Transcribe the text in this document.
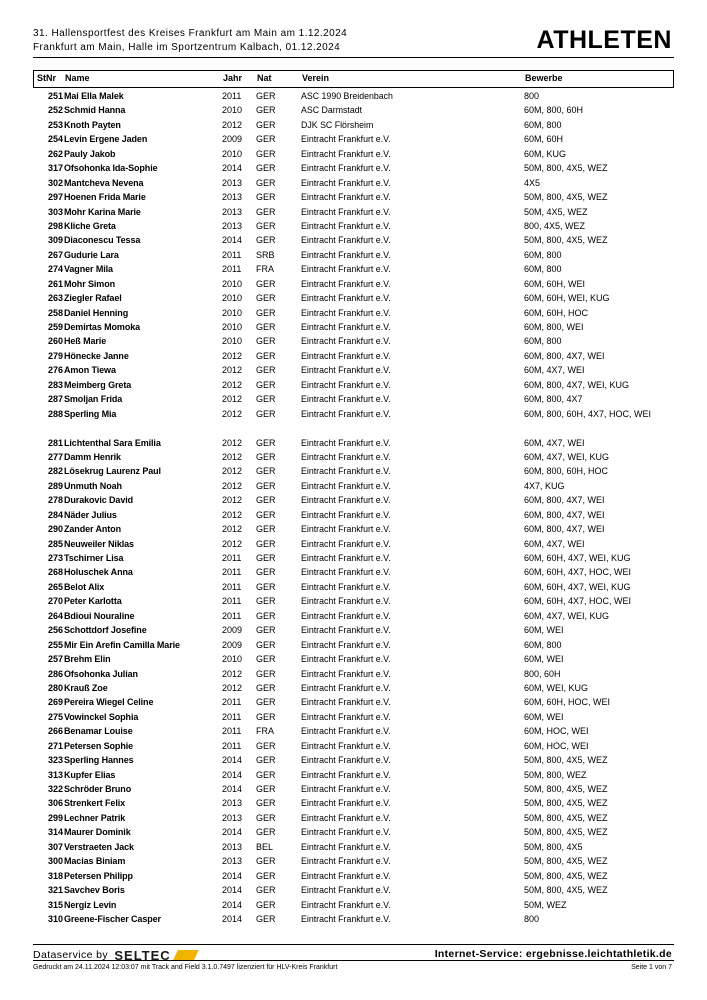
31. Hallensportfest des Kreises Frankfurt am Main am 1.12.2024
Frankfurt am Main, Halle im Sportzentrum Kalbach, 01.12.2024	ATHLETEN
StNr Name	Jahr Nat	Verein	Bewerbe
251 Mai Ella Malek	2011 GER	ASC 1990 Breidenbach	800
252 Schmid Hanna	2010 GER	ASC Darmstadt	60M, 800, 60H
253 Knoth Payten	2012 GER	DJK SC Flörsheim	60M, 800
254 Levin Ergene Jaden	2009 GER	Eintracht Frankfurt e.V.	60M, 60H
262 Pauly Jakob	2010 GER	Eintracht Frankfurt e.V.	60M, KUG
317 Ofsohonka Ida-Sophie	2014 GER	Eintracht Frankfurt e.V.	50M, 800, 4X5, WEZ
302 Mantcheva Nevena	2013 GER	Eintracht Frankfurt e.V.	4X5
297 Hoenen Frida Marie	2013 GER	Eintracht Frankfurt e.V.	50M, 800, 4X5, WEZ
303 Mohr Karina Marie	2013 GER	Eintracht Frankfurt e.V.	50M, 4X5, WEZ
298 Kliche Greta	2013 GER	Eintracht Frankfurt e.V.	800, 4X5, WEZ
309 Diaconescu Tessa	2014 GER	Eintracht Frankfurt e.V.	50M, 800, 4X5, WEZ
267 Gudurie Lara	2011 SRB	Eintracht Frankfurt e.V.	60M, 800
274 Vagner Mila	2011 FRA	Eintracht Frankfurt e.V.	60M, 800
261 Mohr Simon	2010 GER	Eintracht Frankfurt e.V.	60M, 60H, WEI
263 Ziegler Rafael	2010 GER	Eintracht Frankfurt e.V.	60M, 60H, WEI, KUG
258 Daniel Henning	2010 GER	Eintracht Frankfurt e.V.	60M, 60H, HOC
259 Demirtas Momoka	2010 GER	Eintracht Frankfurt e.V.	60M, 800, WEI
260 Heß Marie	2010 GER	Eintracht Frankfurt e.V.	60M, 800
279 Hönecke Janne	2012 GER	Eintracht Frankfurt e.V.	60M, 800, 4X7, WEI
276 Amon Tiewa	2012 GER	Eintracht Frankfurt e.V.	60M, 4X7, WEI
283 Meimberg Greta	2012 GER	Eintracht Frankfurt e.V.	60M, 800, 4X7, WEI, KUG
287 Smoljan Frida	2012 GER	Eintracht Frankfurt e.V.	60M, 800, 4X7
288 Sperling Mia	2012 GER	Eintracht Frankfurt e.V.	60M, 800, 60H, 4X7, HOC, WEI
281 Lichtenthal Sara Emilia	2012 GER	Eintracht Frankfurt e.V.	60M, 4X7, WEI
277 Damm Henrik	2012 GER	Eintracht Frankfurt e.V.	60M, 4X7, WEI, KUG
282 Lösekrug Laurenz Paul	2012 GER	Eintracht Frankfurt e.V.	60M, 800, 60H, HOC
289 Unmuth Noah	2012 GER	Eintracht Frankfurt e.V.	4X7, KUG
278 Durakovic David	2012 GER	Eintracht Frankfurt e.V.	60M, 800, 4X7, WEI
284 Näder Julius	2012 GER	Eintracht Frankfurt e.V.	60M, 800, 4X7, WEI
290 Zander Anton	2012 GER	Eintracht Frankfurt e.V.	60M, 800, 4X7, WEI
285 Neuweiler Niklas	2012 GER	Eintracht Frankfurt e.V.	60M, 4X7, WEI
273 Tschirner Lisa	2011 GER	Eintracht Frankfurt e.V.	60M, 60H, 4X7, WEI, KUG
268 Holuschek Anna	2011 GER	Eintracht Frankfurt e.V.	60M, 60H, 4X7, HOC, WEI
265 Belot Alix	2011 GER	Eintracht Frankfurt e.V.	60M, 60H, 4X7, WEI, KUG
270 Peter Karlotta	2011 GER	Eintracht Frankfurt e.V.	60M, 60H, 4X7, HOC, WEI
264 Bdioui Nouraline	2011 GER	Eintracht Frankfurt e.V.	60M, 4X7, WEI, KUG
256 Schottdorf Josefine	2009 GER	Eintracht Frankfurt e.V.	60M, WEI
255 Mir Ein Arefin Camilla Marie	2009 GER	Eintracht Frankfurt e.V.	60M, 800
257 Brehm Elin	2010 GER	Eintracht Frankfurt e.V.	60M, WEI
286 Ofsohonka Julian	2012 GER	Eintracht Frankfurt e.V.	800, 60H
280 Krauß Zoe	2012 GER	Eintracht Frankfurt e.V.	60M, WEI, KUG
269 Pereira Wiegel Celine	2011 GER	Eintracht Frankfurt e.V.	60M, 60H, HOC, WEI
275 Vowinckel Sophia	2011 GER	Eintracht Frankfurt e.V.	60M, WEI
266 Benamar Louise	2011 FRA	Eintracht Frankfurt e.V.	60M, HOC, WEI
271 Petersen Sophie	2011 GER	Eintracht Frankfurt e.V.	60M, HOC, WEI
323 Sperling Hannes	2014 GER	Eintracht Frankfurt e.V.	50M, 800, 4X5, WEZ
313 Kupfer Elias	2014 GER	Eintracht Frankfurt e.V.	50M, 800, WEZ
322 Schröder Bruno	2014 GER	Eintracht Frankfurt e.V.	50M, 800, 4X5, WEZ
306 Strenkert Felix	2013 GER	Eintracht Frankfurt e.V.	50M, 800, 4X5, WEZ
299 Lechner Patrik	2013 GER	Eintracht Frankfurt e.V.	50M, 800, 4X5, WEZ
314 Maurer Dominik	2014 GER	Eintracht Frankfurt e.V.	50M, 800, 4X5, WEZ
307 Verstraeten Jack	2013 BEL	Eintracht Frankfurt e.V.	50M, 800, 4X5
300 Macias Biniam	2013 GER	Eintracht Frankfurt e.V.	50M, 800, 4X5, WEZ
318 Petersen Philipp	2014 GER	Eintracht Frankfurt e.V.	50M, 800, 4X5, WEZ
321 Savchev Boris	2014 GER	Eintracht Frankfurt e.V.	50M, 800, 4X5, WEZ
315 Nergiz Levin	2014 GER	Eintracht Frankfurt e.V.	50M, WEZ
310 Greene-Fischer Casper	2014 GER	Eintracht Frankfurt e.V.	800
Dataservice by SELTEC	Internet-Service: ergebnisse.leichtathletik.de
Gedruckt am 24.11.2024 12:03:07 mit Track and Field 3.1.0.7497 lizenziert für HLV-Kreis Frankfurt	Seite 1 von 7
